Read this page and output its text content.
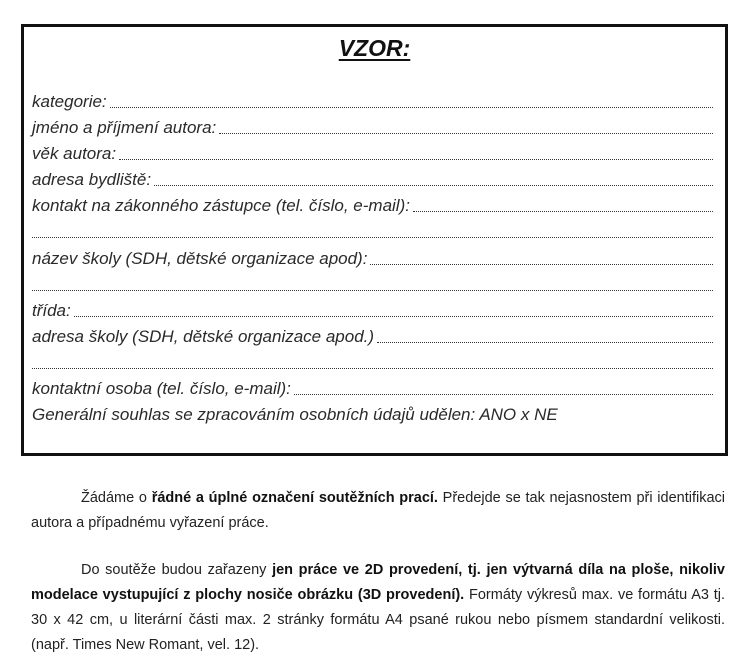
VZOR:
kategorie:
jméno a příjmení autora:
věk autora:
adresa bydliště:
kontakt na zákonného zástupce (tel. číslo, e-mail):
název školy (SDH, dětské organizace apod):
třída:
adresa školy (SDH, dětské organizace apod.)
kontaktní osoba (tel. číslo, e-mail):
Generální souhlas se zpracováním osobních údajů udělen: ANO x NE

Žádáme o řádné a úplné označení soutěžních prací. Předejde se tak nejasnostem při identifikaci autora a případnému vyřazení práce.

Do soutěže budou zařazeny jen práce ve 2D provedení, tj. jen výtvarná díla na ploše, nikoliv modelace vystupující z plochy nosiče obrázku (3D provedení). Formáty výkresů max. ve formátu A3 tj. 30 x 42 cm, u literární části max. 2 stránky formátu A4 psané rukou nebo písmem standardní velikosti. (např. Times New Romant, vel. 12).
